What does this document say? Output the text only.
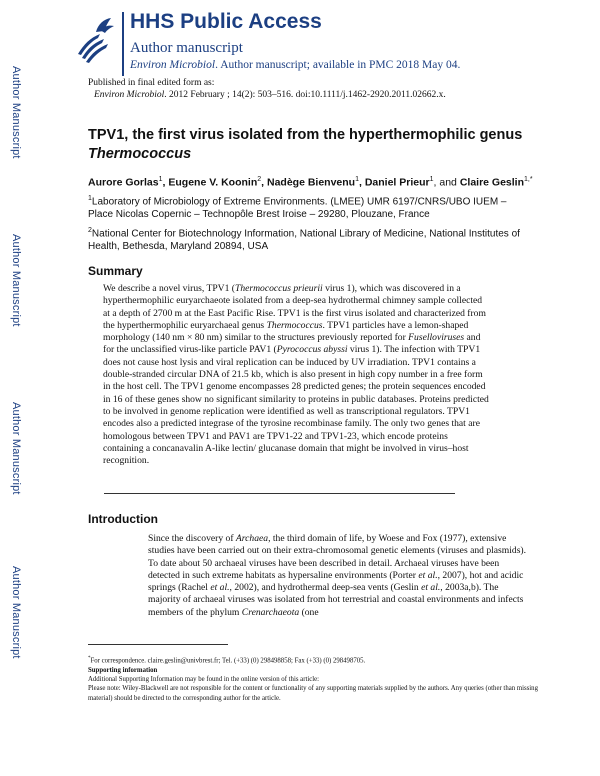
Author Manuscript
Author Manuscript
Author Manuscript
Author Manuscript
HHS Public Access
Author manuscript
Environ Microbiol. Author manuscript; available in PMC 2018 May 04.
Published in final edited form as:
Environ Microbiol. 2012 February ; 14(2): 503–516. doi:10.1111/j.1462-2920.2011.02662.x.
TPV1, the first virus isolated from the hyperthermophilic genus
Thermococcus
Aurore Gorlas$^1$, Eugene V. Koonin$^2$, Nadège Bienvenu$^1$, Daniel Prieur$^1$, and Claire Geslin$^{1,*}$
$^1$Laboratory of Microbiology of Extreme Environments. (LMEE) UMR 6197/CNRS/UBO IUEM – Place Nicolas Copernic – Technopôle Brest Iroise – 29280, Plouzane, France
$^2$National Center for Biotechnology Information, National Library of Medicine, National Institutes of Health, Bethesda, Maryland 20894, USA
Summary
We describe a novel virus, TPV1 (Thermococcus prieurii virus 1), which was discovered in a hyperthermophilic euryarchaeote isolated from a deep-sea hydrothermal chimney sample collected at a depth of 2700 m at the East Pacific Rise. TPV1 is the first virus isolated and characterized from the hyperthermophilic euryarchaeal genus Thermococcus. TPV1 particles have a lemon-shaped morphology (140 nm × 80 nm) similar to the structures previously reported for Fuselloviruses and for the unclassified virus-like particle PAV1 (Pyrococcus abyssi virus 1). The infection with TPV1 does not cause host lysis and viral replication can be induced by UV irradiation. TPV1 contains a double-stranded circular DNA of 21.5 kb, which is also present in high copy number in a free form in the host cell. The TPV1 genome encompasses 28 predicted genes; the protein sequences encoded in 16 of these genes show no significant similarity to proteins in public databases. Proteins predicted to be involved in genome replication were identified as well as transcriptional regulators. TPV1 encodes also a predicted integrase of the tyrosine recombinase family. The only two genes that are homologous between TPV1 and PAV1 are TPV1-22 and TPV1-23, which encode proteins containing a concanavalin A-like lectin/ glucanase domain that might be involved in virus–host recognition.
Introduction
Since the discovery of Archaea, the third domain of life, by Woese and Fox (1977), extensive studies have been carried out on their extra-chromosomal genetic elements (viruses and plasmids). To date about 50 archaeal viruses have been described in detail. Archaeal viruses have been detected in such extreme habitats as hypersaline environments (Porter et al., 2007), hot and acidic springs (Rachel et al., 2002), and hydrothermal deep-sea vents (Geslin et al., 2003a,b). The majority of archaeal viruses was isolated from hot terrestrial and coastal environments and infects members of the phylum Crenarchaeota (one
*For correspondence. claire.geslin@univbrest.fr; Tel. (+33) (0) 298498858; Fax (+33) (0) 298498705.
Supporting information
Additional Supporting Information may be found in the online version of this article:
Please note: Wiley-Blackwell are not responsible for the content or functionality of any supporting materials supplied by the authors. Any queries (other than missing material) should be directed to the corresponding author for the article.
